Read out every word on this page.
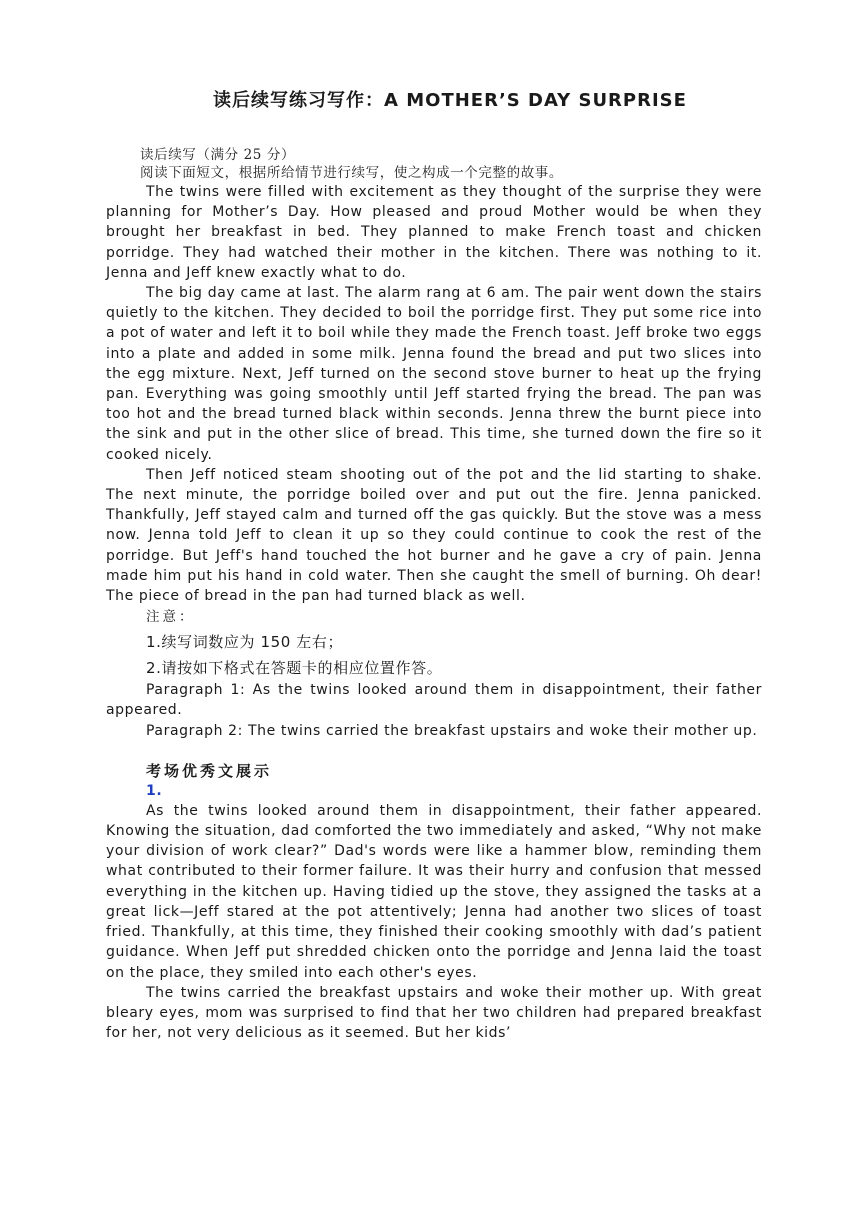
读后续写练习写作：A MOTHER’S DAY SURPRISE

读后续写（满分 25 分）

阅读下面短文，根据所给情节进行续写，使之构成一个完整的故事。

The twins were filled with excitement as they thought of the surprise they were planning for Mother’s Day. How pleased and proud Mother would be when they brought her breakfast in bed. They planned to make French toast and chicken porridge. They had watched their mother in the kitchen. There was nothing to it. Jenna and Jeff knew exactly what to do.

The big day came at last. The alarm rang at 6 am. The pair went down the stairs quietly to the kitchen. They decided to boil the porridge first. They put some rice into a pot of water and left it to boil while they made the French toast. Jeff broke two eggs into a plate and added in some milk. Jenna found the bread and put two slices into the egg mixture. Next, Jeff turned on the second stove burner to heat up the frying pan. Everything was going smoothly until Jeff started frying the bread. The pan was too hot and the bread turned black within seconds. Jenna threw the burnt piece into the sink and put in the other slice of bread. This time, she turned down the fire so it cooked nicely.

Then Jeff noticed steam shooting out of the pot and the lid starting to shake. The next minute, the porridge boiled over and put out the fire. Jenna panicked. Thankfully, Jeff stayed calm and turned off the gas quickly. But the stove was a mess now. Jenna told Jeff to clean it up so they could continue to cook the rest of the porridge. But Jeff's hand touched the hot burner and he gave a cry of pain. Jenna made him put his hand in cold water. Then she caught the smell of burning. Oh dear! The piece of bread in the pan had turned black as well.

注意：

1.续写词数应为 150 左右；

2.请按如下格式在答题卡的相应位置作答。

Paragraph 1: As the twins looked around them in disappointment, their father appeared.

Paragraph 2: The twins carried the breakfast upstairs and woke their mother up.

考场优秀文展示

1.

As the twins looked around them in disappointment, their father appeared. Knowing the situation, dad comforted the two immediately and asked, “Why not make your division of work clear?” Dad's words were like a hammer blow, reminding them what contributed to their former failure. It was their hurry and confusion that messed everything in the kitchen up. Having tidied up the stove, they assigned the tasks at a great lick—Jeff stared at the pot attentively; Jenna had another two slices of toast fried. Thankfully, at this time, they finished their cooking smoothly with dad’s patient guidance. When Jeff put shredded chicken onto the porridge and Jenna laid the toast on the place, they smiled into each other's eyes.

The twins carried the breakfast upstairs and woke their mother up. With great bleary eyes, mom was surprised to find that her two children had prepared breakfast for her, not very delicious as it seemed. But her kids’
